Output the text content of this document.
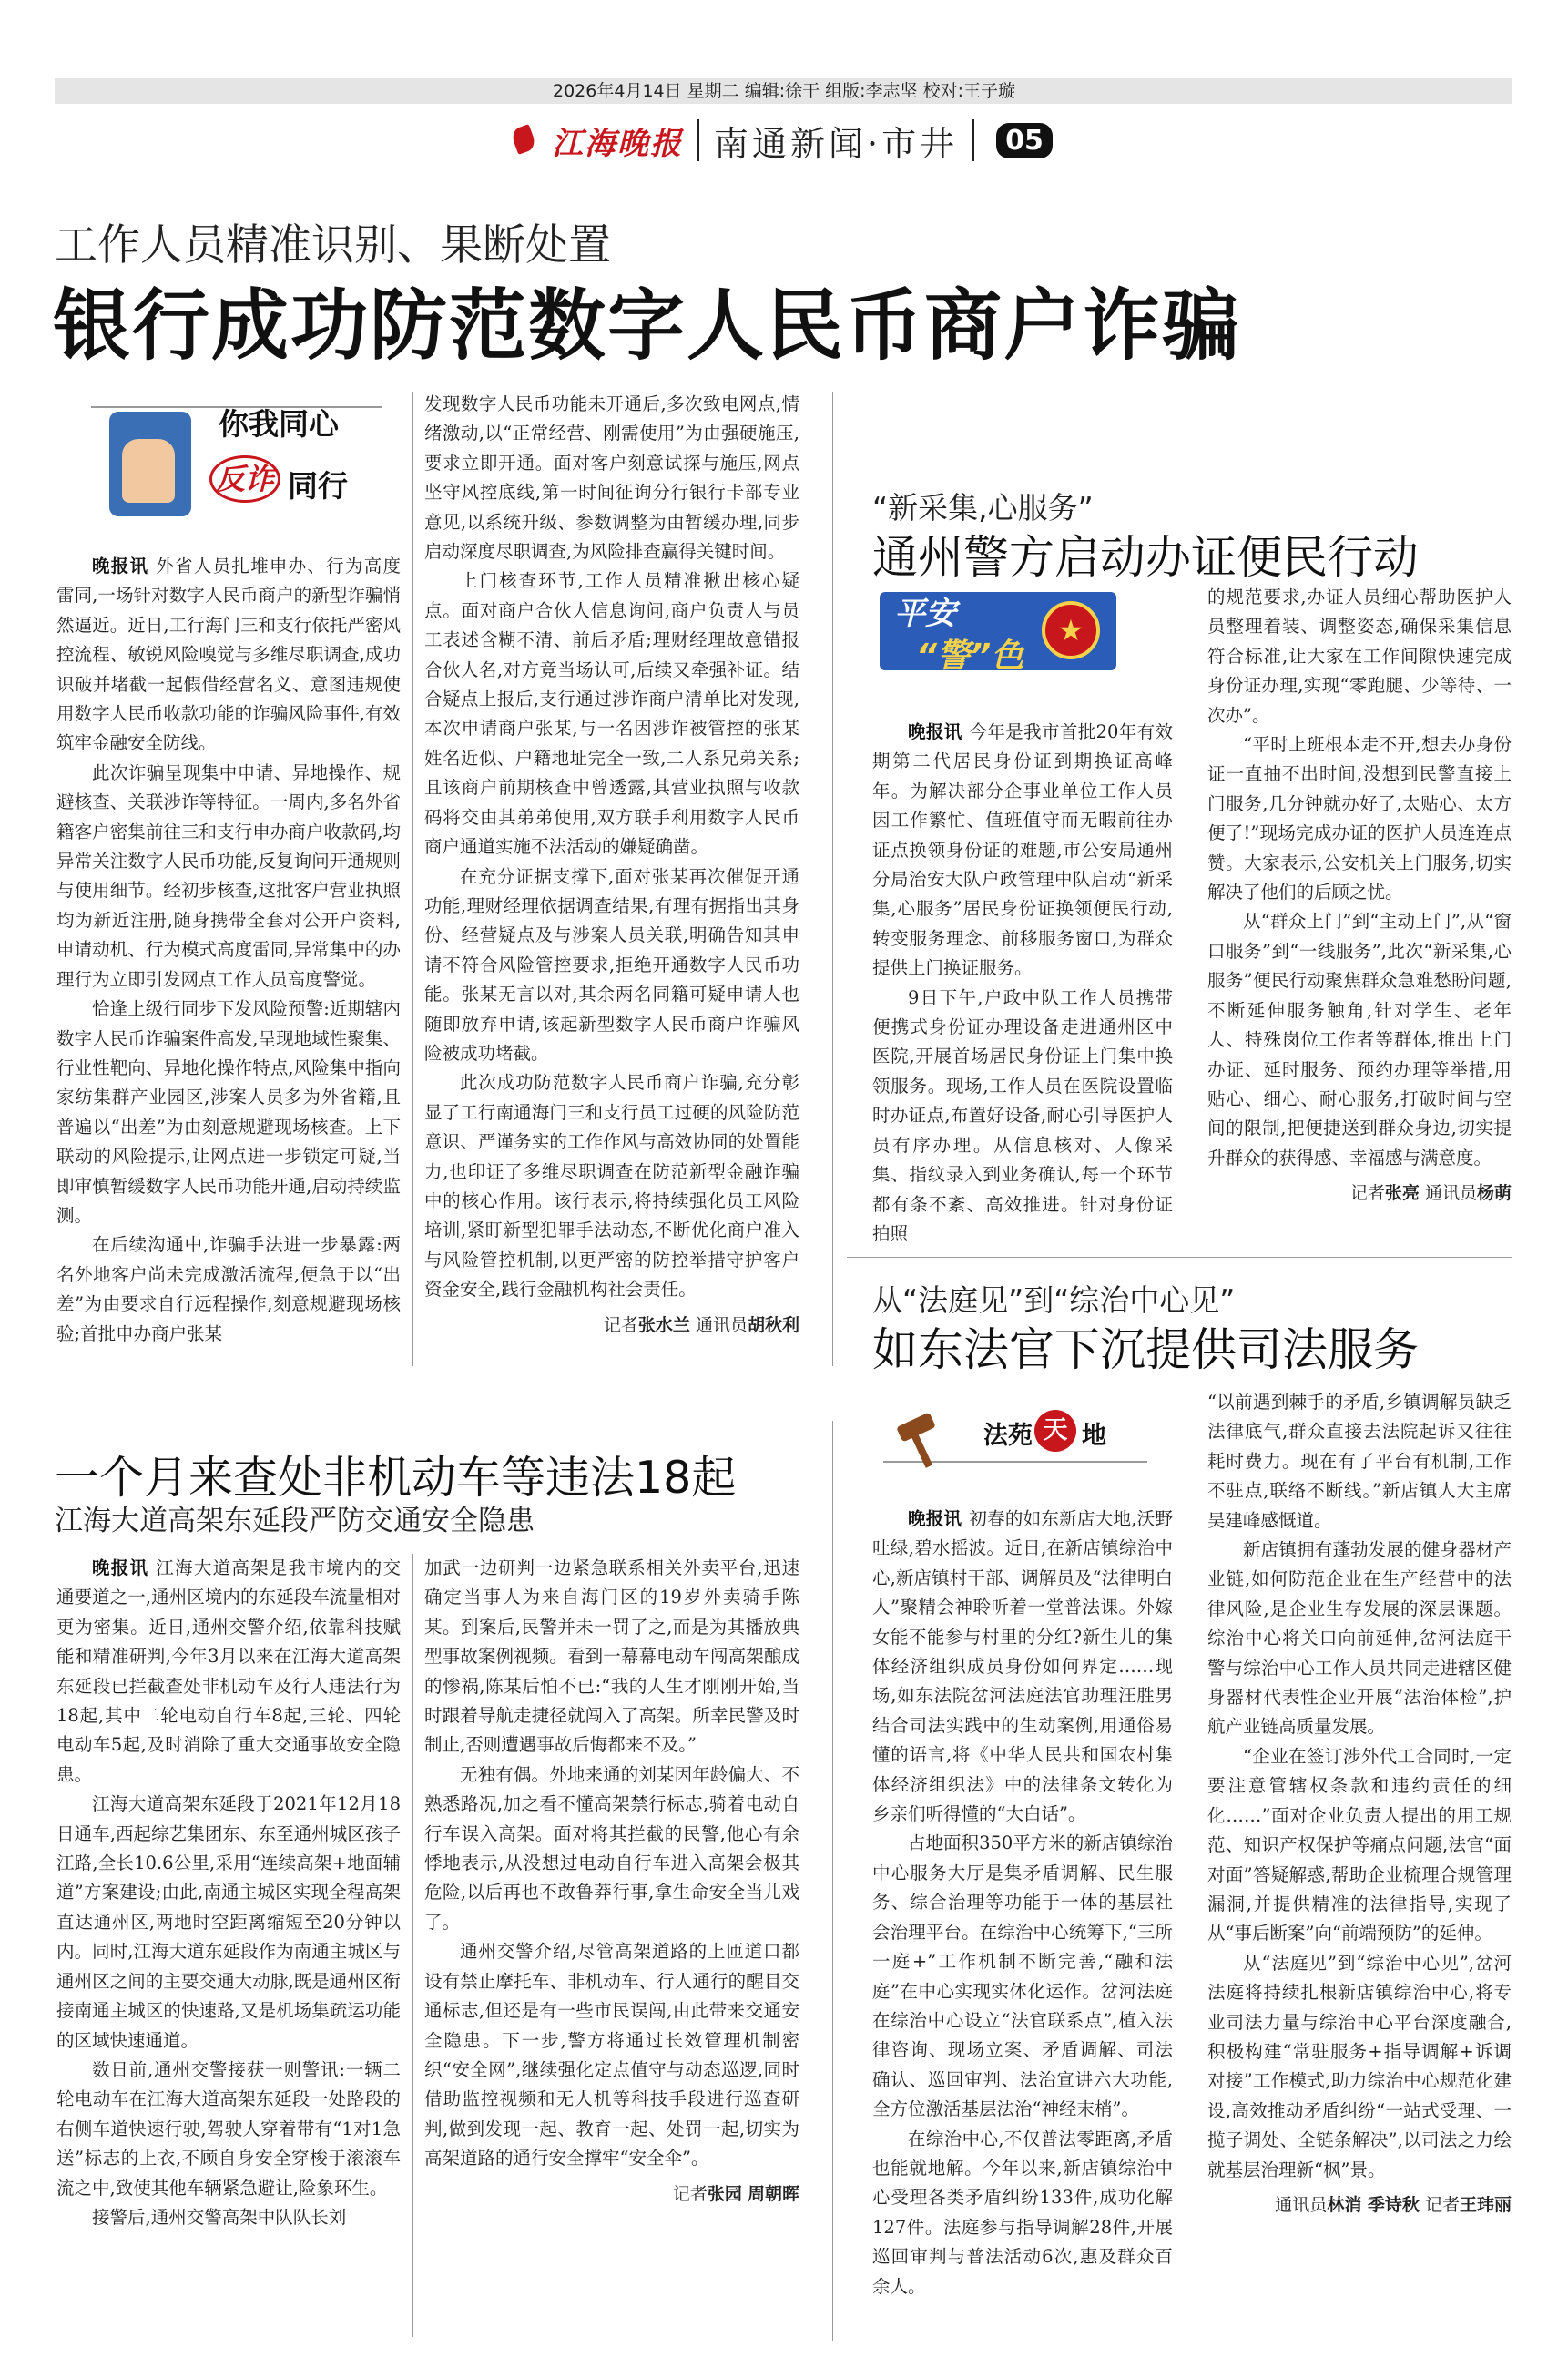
2026年4月14日 星期二 编辑:徐干 组版:李志坚 校对:王子璇
江海晚报 南通新闻·市井	05
工作人员精准识别、果断处置
银行成功防范数字人民币商户诈骗
你我同心
反诈 同行

晚报讯 外省人员扎堆申办、行为高度雷同,一场针对数字人民币商户的新型诈骗悄然逼近。近日,工行海门三和支行依托严密风控流程、敏锐风险嗅觉与多维尽职调查,成功识破并堵截一起假借经营名义、意图违规使用数字人民币收款功能的诈骗风险事件,有效筑牢金融安全防线。

此次诈骗呈现集中申请、异地操作、规避核查、关联涉诈等特征。一周内,多名外省籍客户密集前往三和支行申办商户收款码,均异常关注数字人民币功能,反复询问开通规则与使用细节。经初步核查,这批客户营业执照均为新近注册,随身携带全套对公开户资料,申请动机、行为模式高度雷同,异常集中的办理行为立即引发网点工作人员高度警觉。

恰逢上级行同步下发风险预警:近期辖内数字人民币诈骗案件高发,呈现地域性聚集、行业性靶向、异地化操作特点,风险集中指向家纺集群产业园区,涉案人员多为外省籍,且普遍以“出差”为由刻意规避现场核查。上下联动的风险提示,让网点进一步锁定可疑,当即审慎暂缓数字人民币功能开通,启动持续监测。

在后续沟通中,诈骗手法进一步暴露:两名外地客户尚未完成激活流程,便急于以“出差”为由要求自行远程操作,刻意规避现场核验;首批申办商户张某

发现数字人民币功能未开通后,多次致电网点,情绪激动,以“正常经营、刚需使用”为由强硬施压,要求立即开通。面对客户刻意试探与施压,网点坚守风控底线,第一时间征询分行银行卡部专业意见,以系统升级、参数调整为由暂缓办理,同步启动深度尽职调查,为风险排查赢得关键时间。

上门核查环节,工作人员精准揪出核心疑点。面对商户合伙人信息询问,商户负责人与员工表述含糊不清、前后矛盾;理财经理故意错报合伙人名,对方竟当场认可,后续又牵强补证。结合疑点上报后,支行通过涉诈商户清单比对发现,本次申请商户张某,与一名因涉诈被管控的张某姓名近似、户籍地址完全一致,二人系兄弟关系;且该商户前期核查中曾透露,其营业执照与收款码将交由其弟弟使用,双方联手利用数字人民币商户通道实施不法活动的嫌疑确凿。

在充分证据支撑下,面对张某再次催促开通功能,理财经理依据调查结果,有理有据指出其身份、经营疑点及与涉案人员关联,明确告知其申请不符合风险管控要求,拒绝开通数字人民币功能。张某无言以对,其余两名同籍可疑申请人也随即放弃申请,该起新型数字人民币商户诈骗风险被成功堵截。

此次成功防范数字人民币商户诈骗,充分彰显了工行南通海门三和支行员工过硬的风险防范意识、严谨务实的工作作风与高效协同的处置能力,也印证了多维尽职调查在防范新型金融诈骗中的核心作用。该行表示,将持续强化员工风险培训,紧盯新型犯罪手法动态,不断优化商户准入与风险管控机制,以更严密的防控举措守护客户资金安全,践行金融机构社会责任。

记者张水兰 通讯员胡秋利

“新采集,心服务”
通州警方启动办证便民行动
平安
“警”色
★

晚报讯 今年是我市首批20年有效期第二代居民身份证到期换证高峰年。为解决部分企事业单位工作人员因工作繁忙、值班值守而无暇前往办证点换领身份证的难题,市公安局通州分局治安大队户政管理中队启动“新采集,心服务”居民身份证换领便民行动,转变服务理念、前移服务窗口,为群众提供上门换证服务。

9日下午,户政中队工作人员携带便携式身份证办理设备走进通州区中医院,开展首场居民身份证上门集中换领服务。现场,工作人员在医院设置临时办证点,布置好设备,耐心引导医护人员有序办理。从信息核对、人像采集、指纹录入到业务确认,每一个环节都有条不紊、高效推进。针对身份证拍照

的规范要求,办证人员细心帮助医护人员整理着装、调整姿态,确保采集信息符合标准,让大家在工作间隙快速完成身份证办理,实现“零跑腿、少等待、一次办”。

“平时上班根本走不开,想去办身份证一直抽不出时间,没想到民警直接上门服务,几分钟就办好了,太贴心、太方便了!”现场完成办证的医护人员连连点赞。大家表示,公安机关上门服务,切实解决了他们的后顾之忧。

从“群众上门”到“主动上门”,从“窗口服务”到“一线服务”,此次“新采集,心服务”便民行动聚焦群众急难愁盼问题,不断延伸服务触角,针对学生、老年人、特殊岗位工作者等群体,推出上门办证、延时服务、预约办理等举措,用贴心、细心、耐心服务,打破时间与空间的限制,把便捷送到群众身边,切实提升群众的获得感、幸福感与满意度。

记者张亮 通讯员杨萌

从“法庭见”到“综治中心见”
如东法官下沉提供司法服务
法苑 天 地

晚报讯 初春的如东新店大地,沃野吐绿,碧水摇波。近日,在新店镇综治中心,新店镇村干部、调解员及“法律明白人”聚精会神聆听着一堂普法课。外嫁女能不能参与村里的分红?新生儿的集体经济组织成员身份如何界定……现场,如东法院岔河法庭法官助理汪胜男结合司法实践中的生动案例,用通俗易懂的语言,将《中华人民共和国农村集体经济组织法》中的法律条文转化为乡亲们听得懂的“大白话”。

占地面积350平方米的新店镇综治中心服务大厅是集矛盾调解、民生服务、综合治理等功能于一体的基层社会治理平台。在综治中心统筹下,“三所一庭+”工作机制不断完善,“融和法庭”在中心实现实体化运作。岔河法庭在综治中心设立“法官联系点”,植入法律咨询、现场立案、矛盾调解、司法确认、巡回审判、法治宣讲六大功能,全方位激活基层法治“神经末梢”。

在综治中心,不仅普法零距离,矛盾也能就地解。今年以来,新店镇综治中心受理各类矛盾纠纷133件,成功化解127件。法庭参与指导调解28件,开展巡回审判与普法活动6次,惠及群众百余人。

“以前遇到棘手的矛盾,乡镇调解员缺乏法律底气,群众直接去法院起诉又往往耗时费力。现在有了平台有机制,工作不驻点,联络不断线。”新店镇人大主席吴建峰感慨道。

新店镇拥有蓬勃发展的健身器材产业链,如何防范企业在生产经营中的法律风险,是企业生存发展的深层课题。综治中心将关口向前延伸,岔河法庭干警与综治中心工作人员共同走进辖区健身器材代表性企业开展“法治体检”,护航产业链高质量发展。

“企业在签订涉外代工合同时,一定要注意管辖权条款和违约责任的细化……”面对企业负责人提出的用工规范、知识产权保护等痛点问题,法官“面对面”答疑解惑,帮助企业梳理合规管理漏洞,并提供精准的法律指导,实现了从“事后断案”向“前端预防”的延伸。

从“法庭见”到“综治中心见”,岔河法庭将持续扎根新店镇综治中心,将专业司法力量与综治中心平台深度融合,积极构建“常驻服务+指导调解+诉调对接”工作模式,助力综治中心规范化建设,高效推动矛盾纠纷“一站式受理、一揽子调处、全链条解决”,以司法之力绘就基层治理新“枫”景。

通讯员林消 季诗秋 记者王玮丽

一个月来查处非机动车等违法18起
江海大道高架东延段严防交通安全隐患

晚报讯 江海大道高架是我市境内的交通要道之一,通州区境内的东延段车流量相对更为密集。近日,通州交警介绍,依靠科技赋能和精准研判,今年3月以来在江海大道高架东延段已拦截查处非机动车及行人违法行为18起,其中二轮电动自行车8起,三轮、四轮电动车5起,及时消除了重大交通事故安全隐患。

江海大道高架东延段于2021年12月18日通车,西起综艺集团东、东至通州城区孩子江路,全长10.6公里,采用“连续高架+地面辅道”方案建设;由此,南通主城区实现全程高架直达通州区,两地时空距离缩短至20分钟以内。同时,江海大道东延段作为南通主城区与通州区之间的主要交通大动脉,既是通州区衔接南通主城区的快速路,又是机场集疏运功能的区域快速通道。

数日前,通州交警接获一则警讯:一辆二轮电动车在江海大道高架东延段一处路段的右侧车道快速行驶,驾驶人穿着带有“1对1急送”标志的上衣,不顾自身安全穿梭于滚滚车流之中,致使其他车辆紧急避让,险象环生。

接警后,通州交警高架中队队长刘

加武一边研判一边紧急联系相关外卖平台,迅速确定当事人为来自海门区的19岁外卖骑手陈某。到案后,民警并未一罚了之,而是为其播放典型事故案例视频。看到一幕幕电动车闯高架酿成的惨祸,陈某后怕不已:“我的人生才刚刚开始,当时跟着导航走捷径就闯入了高架。所幸民警及时制止,否则遭遇事故后悔都来不及。”

无独有偶。外地来通的刘某因年龄偏大、不熟悉路况,加之看不懂高架禁行标志,骑着电动自行车误入高架。面对将其拦截的民警,他心有余悸地表示,从没想过电动自行车进入高架会极其危险,以后再也不敢鲁莽行事,拿生命安全当儿戏了。

通州交警介绍,尽管高架道路的上匝道口都设有禁止摩托车、非机动车、行人通行的醒目交通标志,但还是有一些市民误闯,由此带来交通安全隐患。下一步,警方将通过长效管理机制密织“安全网”,继续强化定点值守与动态巡逻,同时借助监控视频和无人机等科技手段进行巡查研判,做到发现一起、教育一起、处罚一起,切实为高架道路的通行安全撑牢“安全伞”。

记者张园 周朝晖
